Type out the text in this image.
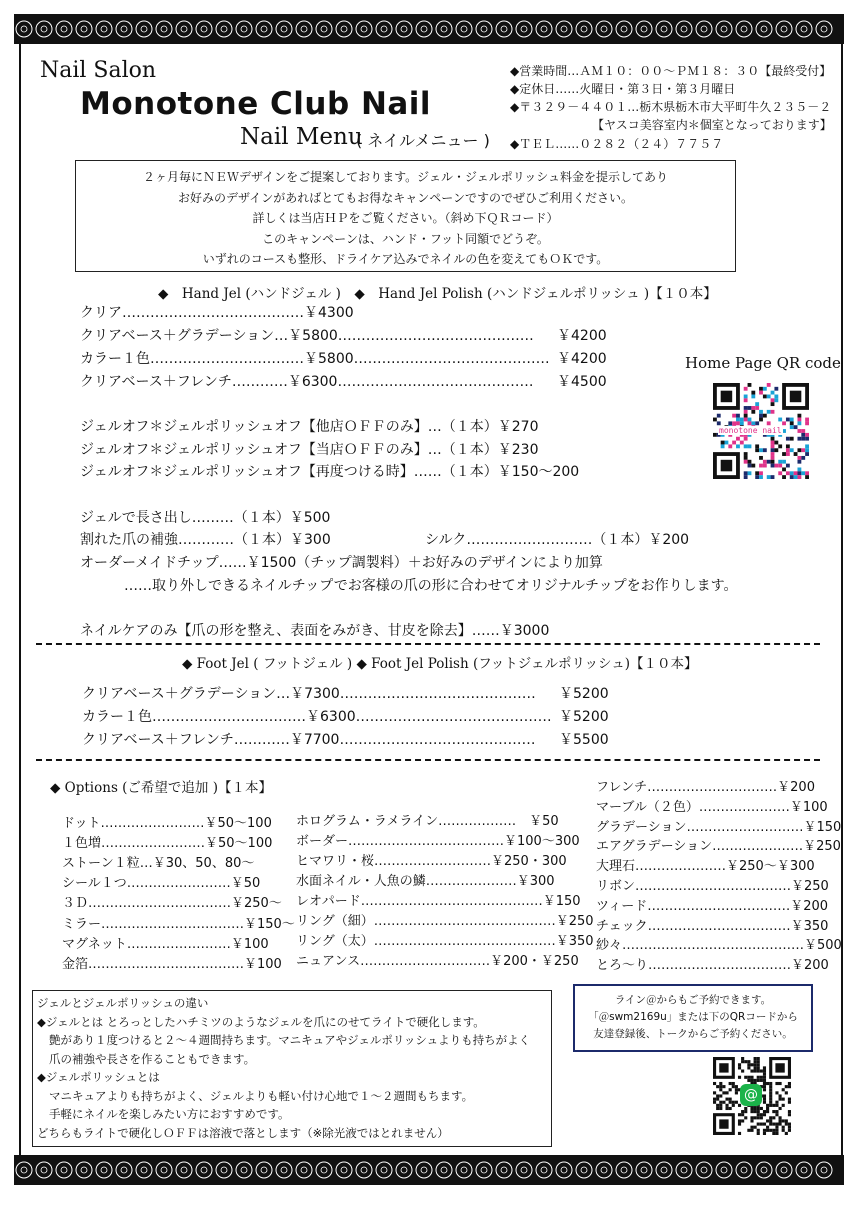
Nail Salon
Monotone Club Nail
Nail Menu
( ネイルメニュー )
◆営業時間…ＡＭ１０：００〜ＰＭ１８：３０【最終受付】
◆定休日……火曜日・第３日・第３月曜日
◆〒３２９－４４０１…栃木県栃木市大平町牛久２３５－２
【ヤスコ美容室内＊個室となっております】
◆ＴＥＬ……０２８２（２４）７７５７
２ヶ月毎にＮＥＷデザインをご提案しております。ジェル・ジェルポリッシュ料金を提示してあり
お好みのデザインがあればとてもお得なキャンペーンですのでぜひご利用ください。
詳しくは当店ＨＰをご覧ください。（斜め下ＱＲコード）
このキャンペーンは、ハンド・フット同額でどうぞ。
いずれのコースも整形、ドライケア込みでネイルの色を変えてもＯＫです。
◆　Hand Jel (ハンドジェル )　◆　Hand Jel Polish (ハンドジェルポリッシュ )【１０本】
クリア…………………………………￥4300
クリアベース＋グラデーション…￥5800…………………………………… ￥4200
カラー１色……………………………￥5800…………………………………… ￥4200
クリアベース＋フレンチ…………￥6300…………………………………… ￥4500
ジェルオフ＊ジェルポリッシュオフ【他店ＯＦＦのみ】…（１本）￥270
ジェルオフ＊ジェルポリッシュオフ【当店ＯＦＦのみ】…（１本）￥230
ジェルオフ＊ジェルポリッシュオフ【再度つける時】……（１本）￥150〜200
ジェルで長さ出し………（１本）￥500
割れた爪の補強…………（１本）￥300	シルク………………………（１本）￥200
オーダーメイドチップ……￥1500（チップ調製料）＋お好みのデザインにより加算
……取り外しできるネイルチップでお客様の爪の形に合わせてオリジナルチップをお作りします。
ネイルケアのみ【爪の形を整え、表面をみがき、甘皮を除去】……￥3000
Home Page QR code
monotone nail
◆ Foot Jel ( フットジェル ) ◆ Foot Jel Polish (フットジェルポリッシュ)【１０本】
クリアベース＋グラデーション…￥7300…………………………………… ￥5200
カラー１色……………………………￥6300…………………………………… ￥5200
クリアベース＋フレンチ…………￥7700…………………………………… ￥5500
◆ Options (ご希望で追加 )【１本】
ドット……………………￥50〜100
１色増……………………￥50〜100
ストーン１粒…￥30、50、80〜
シール１つ……………………￥50
３Ｄ……………………………￥250〜
ミラー……………………………￥150〜
マグネット……………………￥100
金箔………………………………￥100
ホログラム・ラメライン………………　￥50
ボーダー………………………………￥100〜300
ヒマワリ・桜………………………￥250・300
水面ネイル・人魚の鱗…………………￥300
レオパード……………………………………￥150
リング（細）……………………………………￥250
リング（太）……………………………………￥350
ニュアンス…………………………￥200・￥250
フレンチ…………………………￥200
マーブル（２色）…………………￥100
グラデーション………………………￥150
エアグラデーション…………………￥250
大理石…………………￥250〜￥300
リボン………………………………￥250
ツィード……………………………￥200
チェック……………………………￥350
紗々……………………………………￥500
とろ〜り……………………………￥200
ジェルとジェルポリッシュの違い
◆ジェルとは とろっとしたハチミツのようなジェルを爪にのせてライトで硬化します。
艶があり１度つけると２〜４週間持ちます。マニキュアやジェルポリッシュよりも持ちがよく
爪の補強や長さを作ることもできます。
◆ジェルポリッシュとは
マニキュアよりも持ちがよく、ジェルよりも軽い付け心地で１〜２週間もちます。
手軽にネイルを楽しみたい方におすすめです。
どちらもライトで硬化しＯＦＦは溶液で落とします（※除光液ではとれません）
ライン＠からもご予約できます。
「＠swm2169u」または下のQRコードから
友達登録後、トークからご予約ください。
@
